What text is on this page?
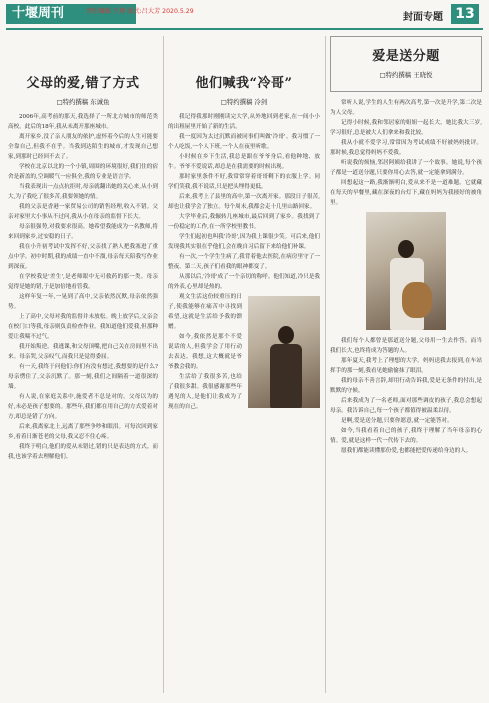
十堰周刊	责任编辑:王博 版式:吕大芳 2020.5.29
封面专题 13
父母的爱,错了方式
□特约撰稿 东诚鱼

2006年,高考前的那天,我选择了一所北方城市的师范类高校。此后的18年,我从未离开那座城市。

离开家乡,没了亲人朋友的依护,虚怀着今后的人生可能要全靠自己,但我不在乎。当我到达陌生的城市,才发现自己想家,到那时已经回不去了。

学校在北京以北的一个小镇,周围的环境很好,我们住的宿舍是新盖的,空调暖气一应俱全,我的专业是语言学。

当我表现出一点点抗拒时,母亲就翻出她的关心来,从小到大,为了我吃了很多苦,我要领她的情。

我的父亲是香港一家贸易公司的销售经理,收入不错。父亲对家里大小事从不过问,我从小在母亲的监督下长大。

母亲很强势,对我要求很高。她希望我能成为一名教师,将来回到家乡,过安稳的日子。

我在小升初考试中发挥不好,父亲找了熟人把我塞进了重点中学。初中时期,我的成绩一直中不溜,母亲每天陪我写作业到深夜。

在学校我是'差生',是老师眼中无可救药的那一类。母亲觉得是她的错,于是加倍地看管我。

这样年复一年,一晃到了高中,父亲依然沉默,母亲依然强势。

上了高中,父母对我的监督并未放松。晚上放学后,父亲会在校门口等我,母亲则负责检查作业。我知道他们爱我,但那种爱让我喘不过气。

我开始叛逆。我逃课,和父母顶嘴,把自己关在房间里不出来。母亲哭,父亲叹气,而我只是觉得委屈。

有一天,我终于问他们:你们有没有想过,我想要的是什么?母亲愣住了,父亲沉默了。那一刻,我们之间隔着一道很深的墙。

有人说,在家庭关系中,施爱者不总是对的。父母以为的好,未必是孩子想要的。那些年,我们都在用自己的方式爱着对方,却总是错了方向。

后来,我离家北上,远离了那些争吵和眼泪。可每次回到家乡,看着日渐苍老的父母,我又忍不住心疼。

我终于明白,他们的爱从未错过,错的只是表达的方式。而我,也该学着去理解他们。

他们喊我“冷哥”
□特约撰稿 冷剑

我记得我那时刚刚读完大学,从外地回到老家,在一间小小的出租屋里开始了新的生活。

我一度因为太过沉默而被同事们叫做'冷哥'。我习惯了一个人吃饭,一个人下班,一个人在夜里听歌。

小时候在乡下生活,我总是跟在爷爷身后,看他种地、放牛。爷爷不爱说话,却总是在我需要的时候出现。

那时家里条件不好,我常常穿着哥哥剩下的衣服上学。同学们笑我,我不说话,只是把头埋得更低。

后来,我考上了县里的高中,第一次离开家。那段日子很苦,却也让我学会了独立。每个周末,我都会走十几里山路回家。

大学毕业后,我辗转几座城市,最后回到了家乡。我找到了一份稳定的工作,在一所学校里教书。

学生们起初也叫我'冷哥',因为我上课很少笑。可后来,他们发现我其实很在乎他们,会在晚自习后留下来给他们补课。

有一次,一个学生生病了,我背着他去医院,在病房里守了一整夜。第二天,孩子们看我的眼神都变了。

从那以后,'冷哥'成了一个亲切的称呼。他们知道,冷只是我的外表,心里却是热的。

观文生活这份较重压的日子,使我能够在痛苦中寻找到希望,这就是生活给予我的馈赠。

如今,我依然是那个不爱说话的人,但我学会了用行动去表达。我想,这大概就是爷爷教会我的。

生活给了我很多苦,也给了我很多甜。我很感谢那些年遇见的人,是他们让我成为了现在的自己。

爱是送分题
□特约撰稿 王晓悦

常听人说,学生的人生有两次高考,第一次是升学,第二次是为人父母。

记得小时候,我和邻居家的姐姐一起长大。她比我大三岁,学习很好,总是被大人们拿来和我比较。

我从小就不爱学习,常常因为考试成绩不好被妈妈批评。那时候,我总觉得妈妈不爱我。

听说我的烦恼,邻居阿姨给我讲了一个故事。她说,每个孩子都是一道送分题,只要你用心去答,就一定能拿到满分。

回想起这一路,我渐渐明白,爱从来不是一道难题。它就藏在每天的早餐里,藏在深夜的台灯下,藏在妈妈为我掖好的被角里。

我们每个人都曾是那道送分题,父母用一生去作答。而当我们长大,也终将成为答题的人。

那年夏天,我考上了理想的大学。妈妈送我去报到,在车站挥手的那一刻,我看见她偷偷抹了眼泪。

我的母亲不善言辞,却用行动告诉我,爱是无条件的付出,是默默的守候。

后来我成为了一名老师,面对那些调皮的孩子,我总会想起母亲。我告诉自己,每一个孩子都值得被温柔以待。

是啊,爱是送分题,只要你愿意,就一定能答对。

如今,当我看着自己的孩子,我终于理解了当年母亲的心情。爱,就是这样一代一代传下去的。

愿我们都能读懂那份爱,也都能把爱传递给身边的人。
